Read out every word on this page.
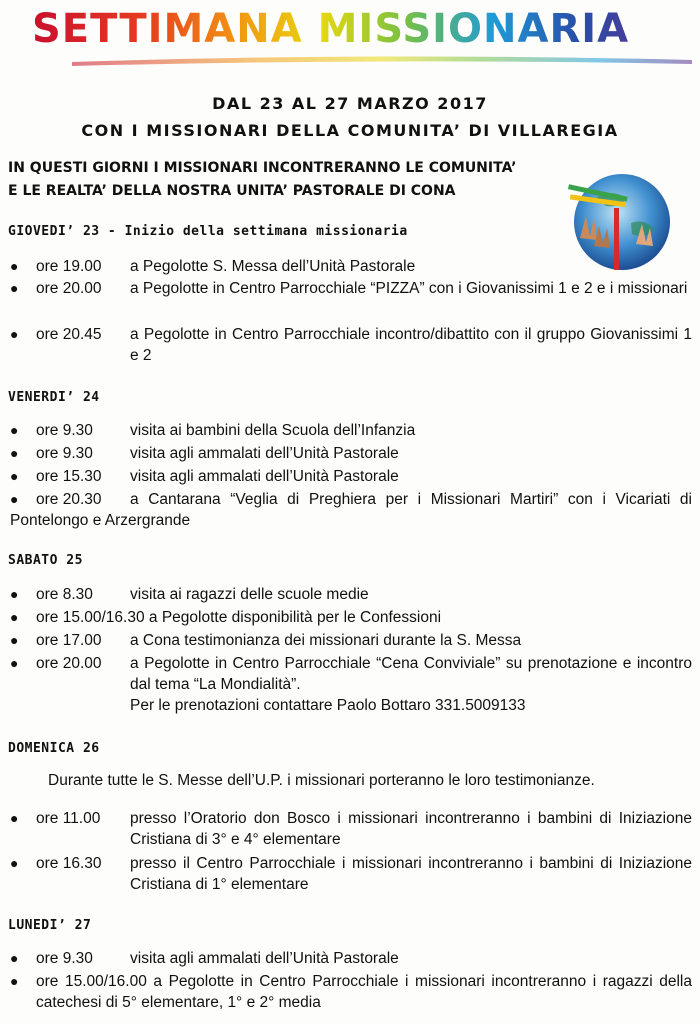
SETTIMANA MISSIONARIA
DAL 23 AL 27 MARZO 2017
CON I MISSIONARI DELLA COMUNITA’ DI VILLAREGIA
IN QUESTI GIORNI I MISSIONARI INCONTRERANNO LE COMUNITA’
E LE REALTA’ DELLA NOSTRA UNITA’ PASTORALE DI CONA
GIOVEDI’ 23 - Inizio della settimana missionaria
● ore 19.00 a Pegolotte S. Messa dell’Unità Pastorale
● ore 20.00 a Pegolotte in Centro Parrocchiale “PIZZA” con i Giovanissimi 1 e 2 e i missionari
● ore 20.45 a Pegolotte in Centro Parrocchiale incontro/dibattito con il gruppo Giovanissimi 1 e 2
VENERDI’ 24
● ore 9.30 visita ai bambini della Scuola dell’Infanzia
● ore 9.30 visita agli ammalati dell’Unità Pastorale
● ore 15.30 visita agli ammalati dell’Unità Pastorale
● ore 20.30	a Cantarana “Veglia di Preghiera per i Missionari Martiri” con i Vicariati di Pontelongo e Arzergrande
SABATO 25
● ore 8.30 visita ai ragazzi delle scuole medie
● ore 15.00/16.30 a Pegolotte disponibilità per le Confessioni
● ore 17.00 a Cona testimonianza dei missionari durante la S. Messa
● ore 20.00 a Pegolotte in Centro Parrocchiale “Cena Conviviale” su prenotazione e incontro dal tema “La Mondialità”.
Per le prenotazioni contattare Paolo Bottaro 331.5009133
DOMENICA 26
Durante tutte le S. Messe dell’U.P. i missionari porteranno le loro testimonianze.
● ore 11.00 presso l’Oratorio don Bosco i missionari incontreranno i bambini di Iniziazione Cristiana di 3° e 4° elementare
● ore 16.30 presso il Centro Parrocchiale i missionari incontreranno i bambini di Iniziazione Cristiana di 1° elementare
LUNEDI’ 27
● ore 9.30 visita agli ammalati dell’Unità Pastorale
● ore 15.00/16.00 a Pegolotte in Centro Parrocchiale i missionari incontreranno i ragazzi della catechesi di 5° elementare, 1° e 2° media
